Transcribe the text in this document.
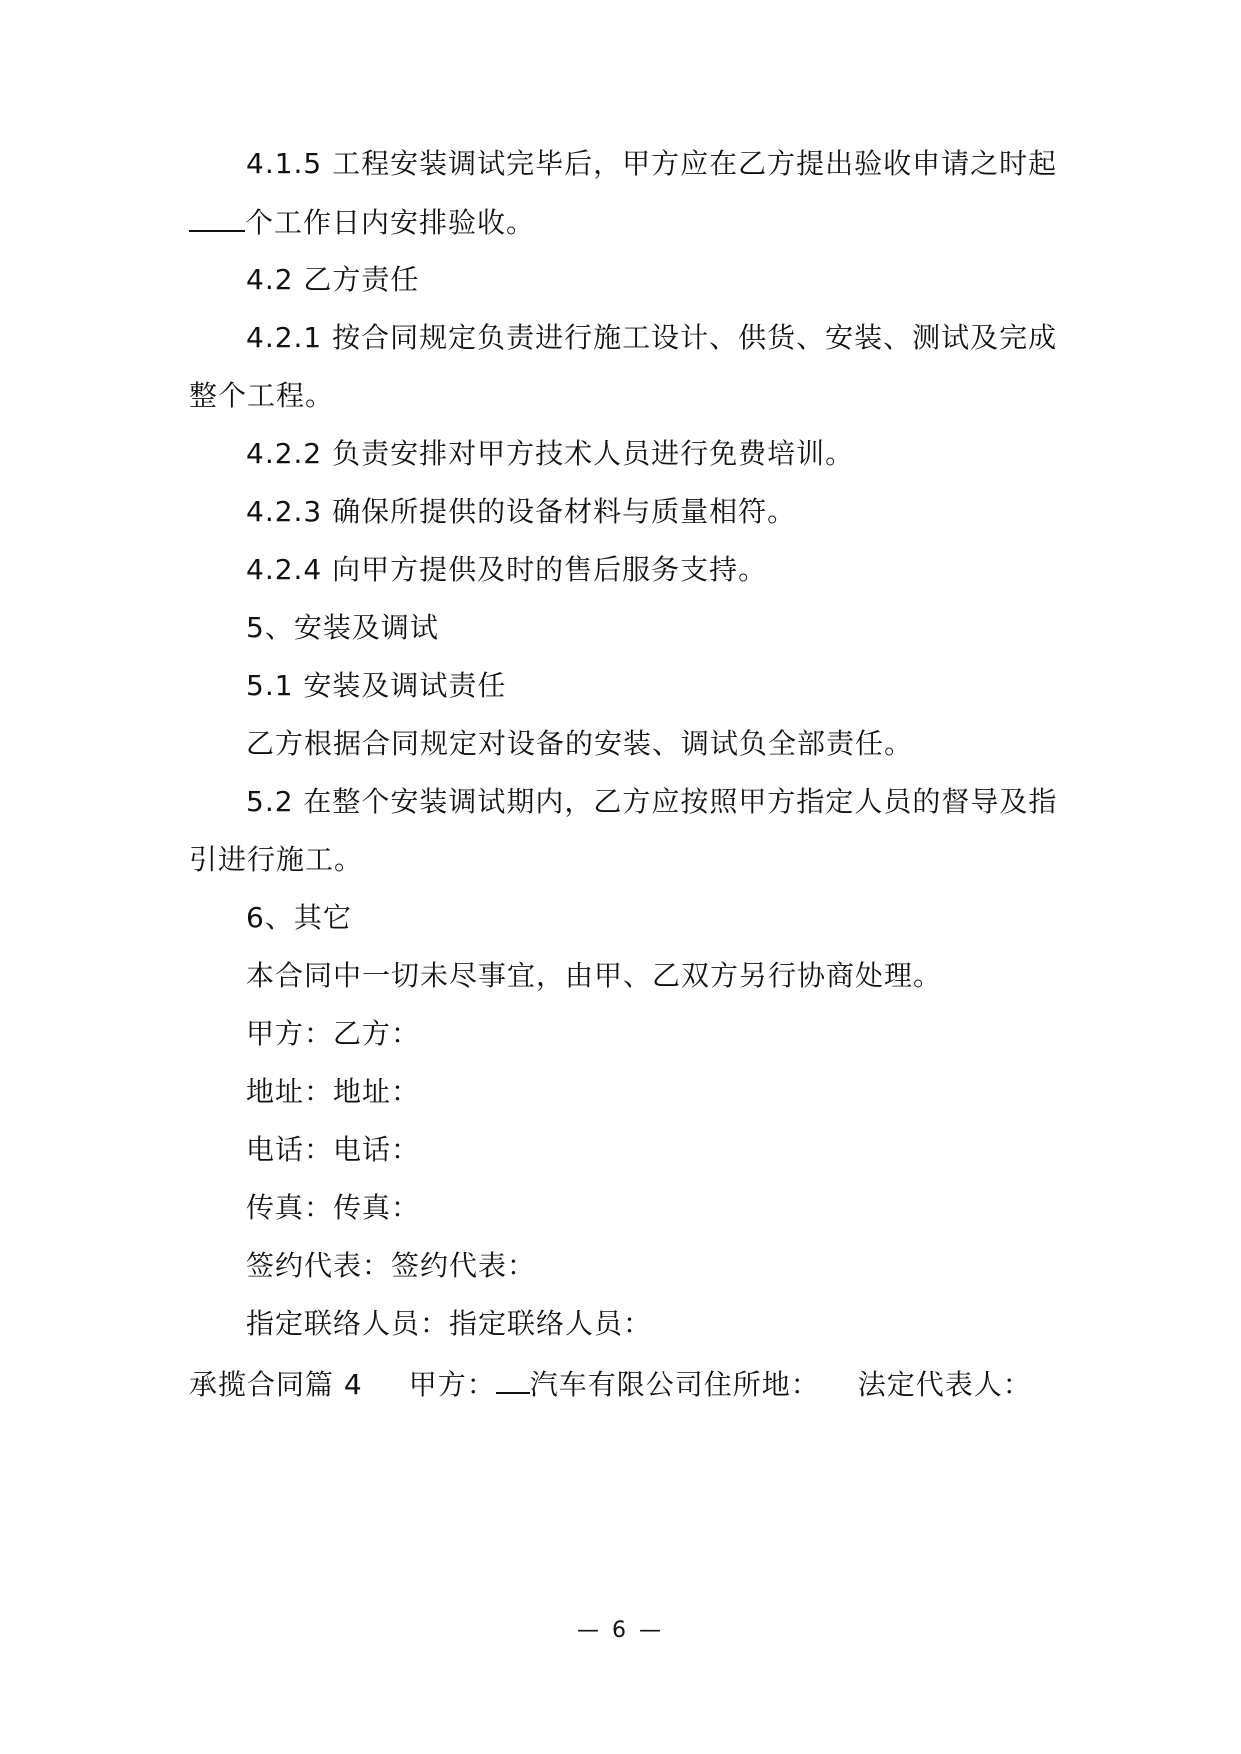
4.1.5 工程安装调试完毕后，甲方应在乙方提出验收申请之时起
个工作日内安排验收。
4.2 乙方责任
4.2.1 按合同规定负责进行施工设计、供货、安装、测试及完成
整个工程。
4.2.2 负责安排对甲方技术人员进行免费培训。
4.2.3 确保所提供的设备材料与质量相符。
4.2.4 向甲方提供及时的售后服务支持。
5、安装及调试
5.1 安装及调试责任
乙方根据合同规定对设备的安装、调试负全部责任。
5.2 在整个安装调试期内，乙方应按照甲方指定人员的督导及指
引进行施工。
6、其它
本合同中一切未尽事宜，由甲、乙双方另行协商处理。
甲方：乙方：
地址：地址：
电话：电话：
传真：传真：
签约代表：签约代表：
指定联络人员：指定联络人员：
承揽合同篇 4 甲方： 汽车有限公司住所地： 法定代表人：
— 6 —
